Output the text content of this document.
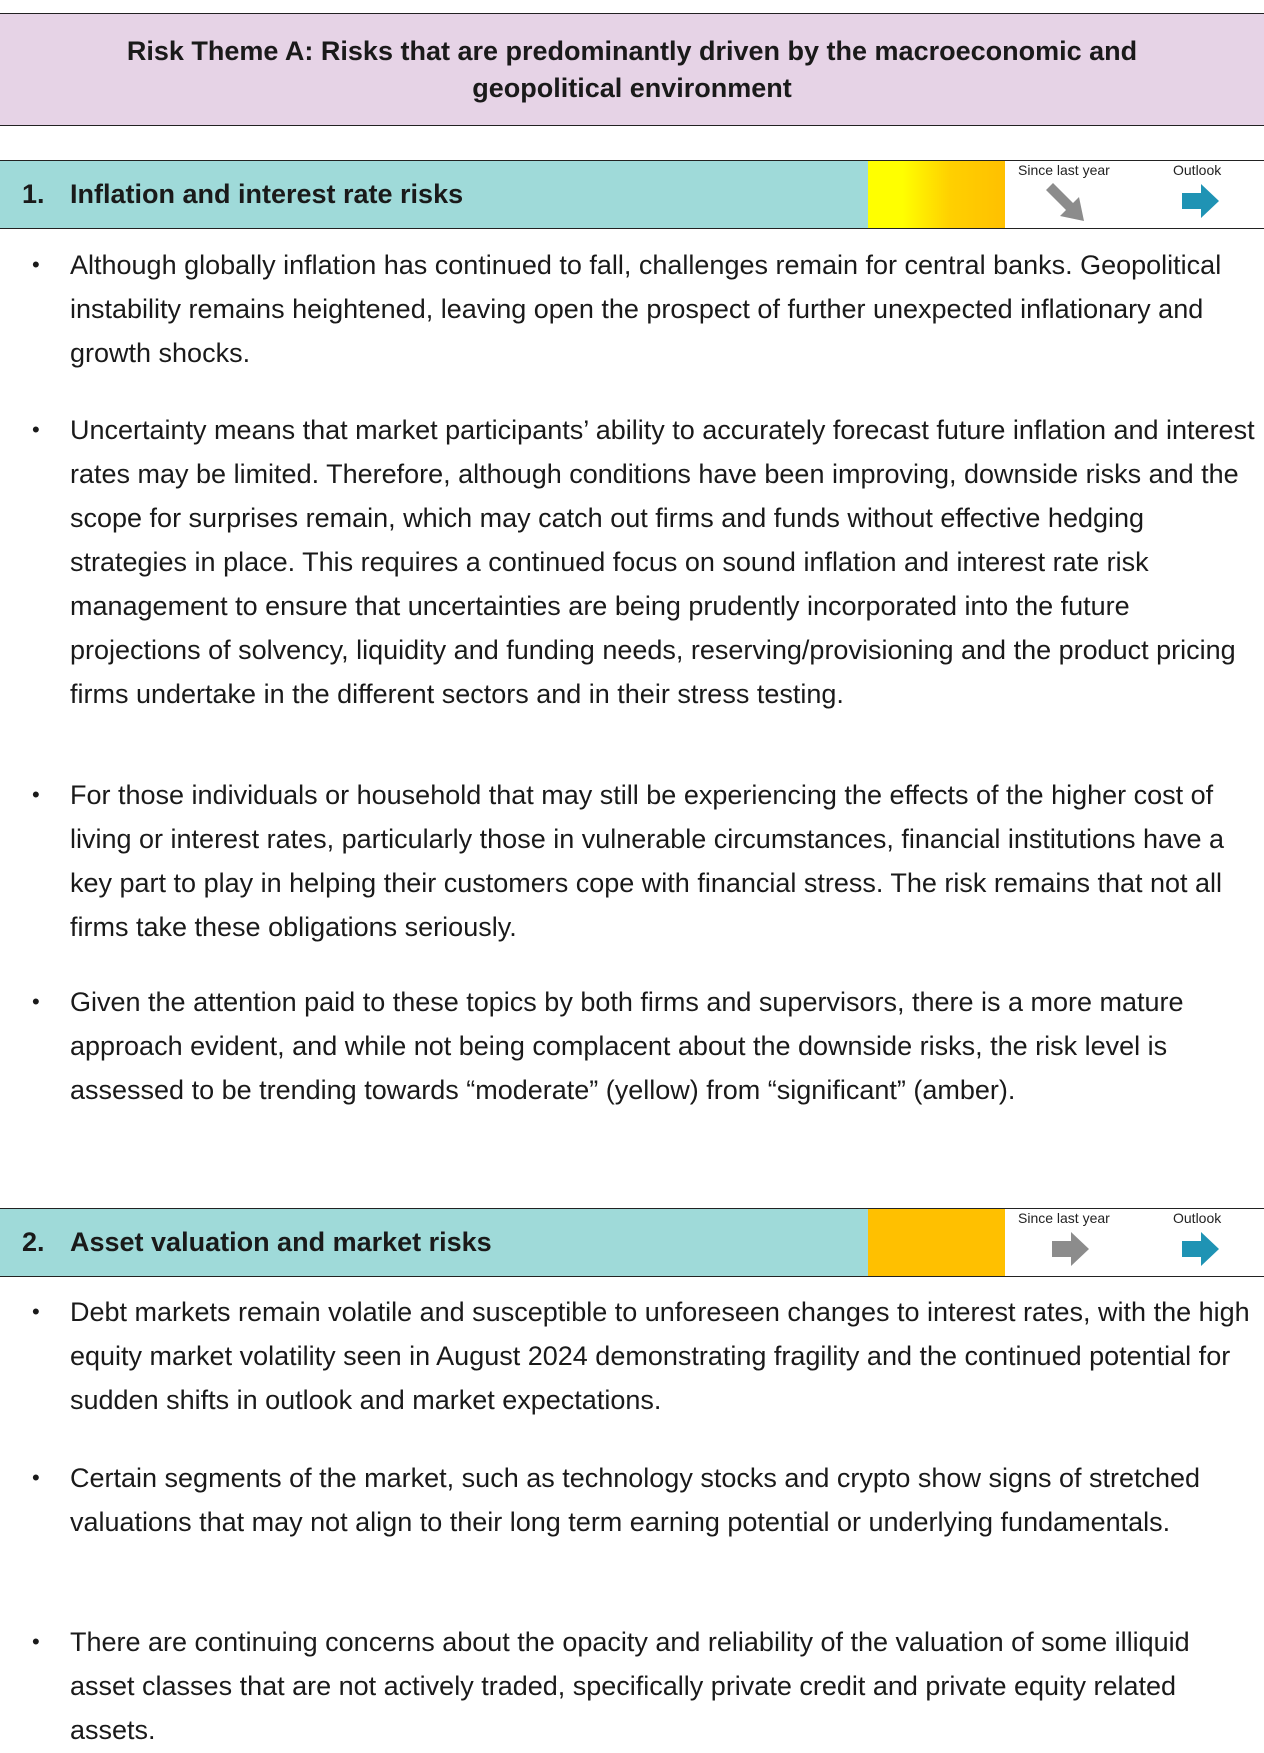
Risk Theme A: Risks that are predominantly driven by the macroeconomic and geopolitical environment
1. Inflation and interest rate risks
Since last year	Outlook
• Although globally inflation has continued to fall, challenges remain for central banks. Geopolitical instability remains heightened, leaving open the prospect of further unexpected inflationary and growth shocks.
• Uncertainty means that market participants’ ability to accurately forecast future inflation and interest rates may be limited. Therefore, although conditions have been improving, downside risks and the scope for surprises remain, which may catch out firms and funds without effective hedging strategies in place. This requires a continued focus on sound inflation and interest rate risk management to ensure that uncertainties are being prudently incorporated into the future projections of solvency, liquidity and funding needs, reserving/provisioning and the product pricing firms undertake in the different sectors and in their stress testing.
• For those individuals or household that may still be experiencing the effects of the higher cost of living or interest rates, particularly those in vulnerable circumstances, financial institutions have a key part to play in helping their customers cope with financial stress. The risk remains that not all firms take these obligations seriously.
• Given the attention paid to these topics by both firms and supervisors, there is a more mature approach evident, and while not being complacent about the downside risks, the risk level is assessed to be trending towards “moderate” (yellow) from “significant” (amber).
2. Asset valuation and market risks
Since last year	Outlook
• Debt markets remain volatile and susceptible to unforeseen changes to interest rates, with the high equity market volatility seen in August 2024 demonstrating fragility and the continued potential for sudden shifts in outlook and market expectations.
• Certain segments of the market, such as technology stocks and crypto show signs of stretched valuations that may not align to their long term earning potential or underlying fundamentals.
• There are continuing concerns about the opacity and reliability of the valuation of some illiquid asset classes that are not actively traded, specifically private credit and private equity related assets.
